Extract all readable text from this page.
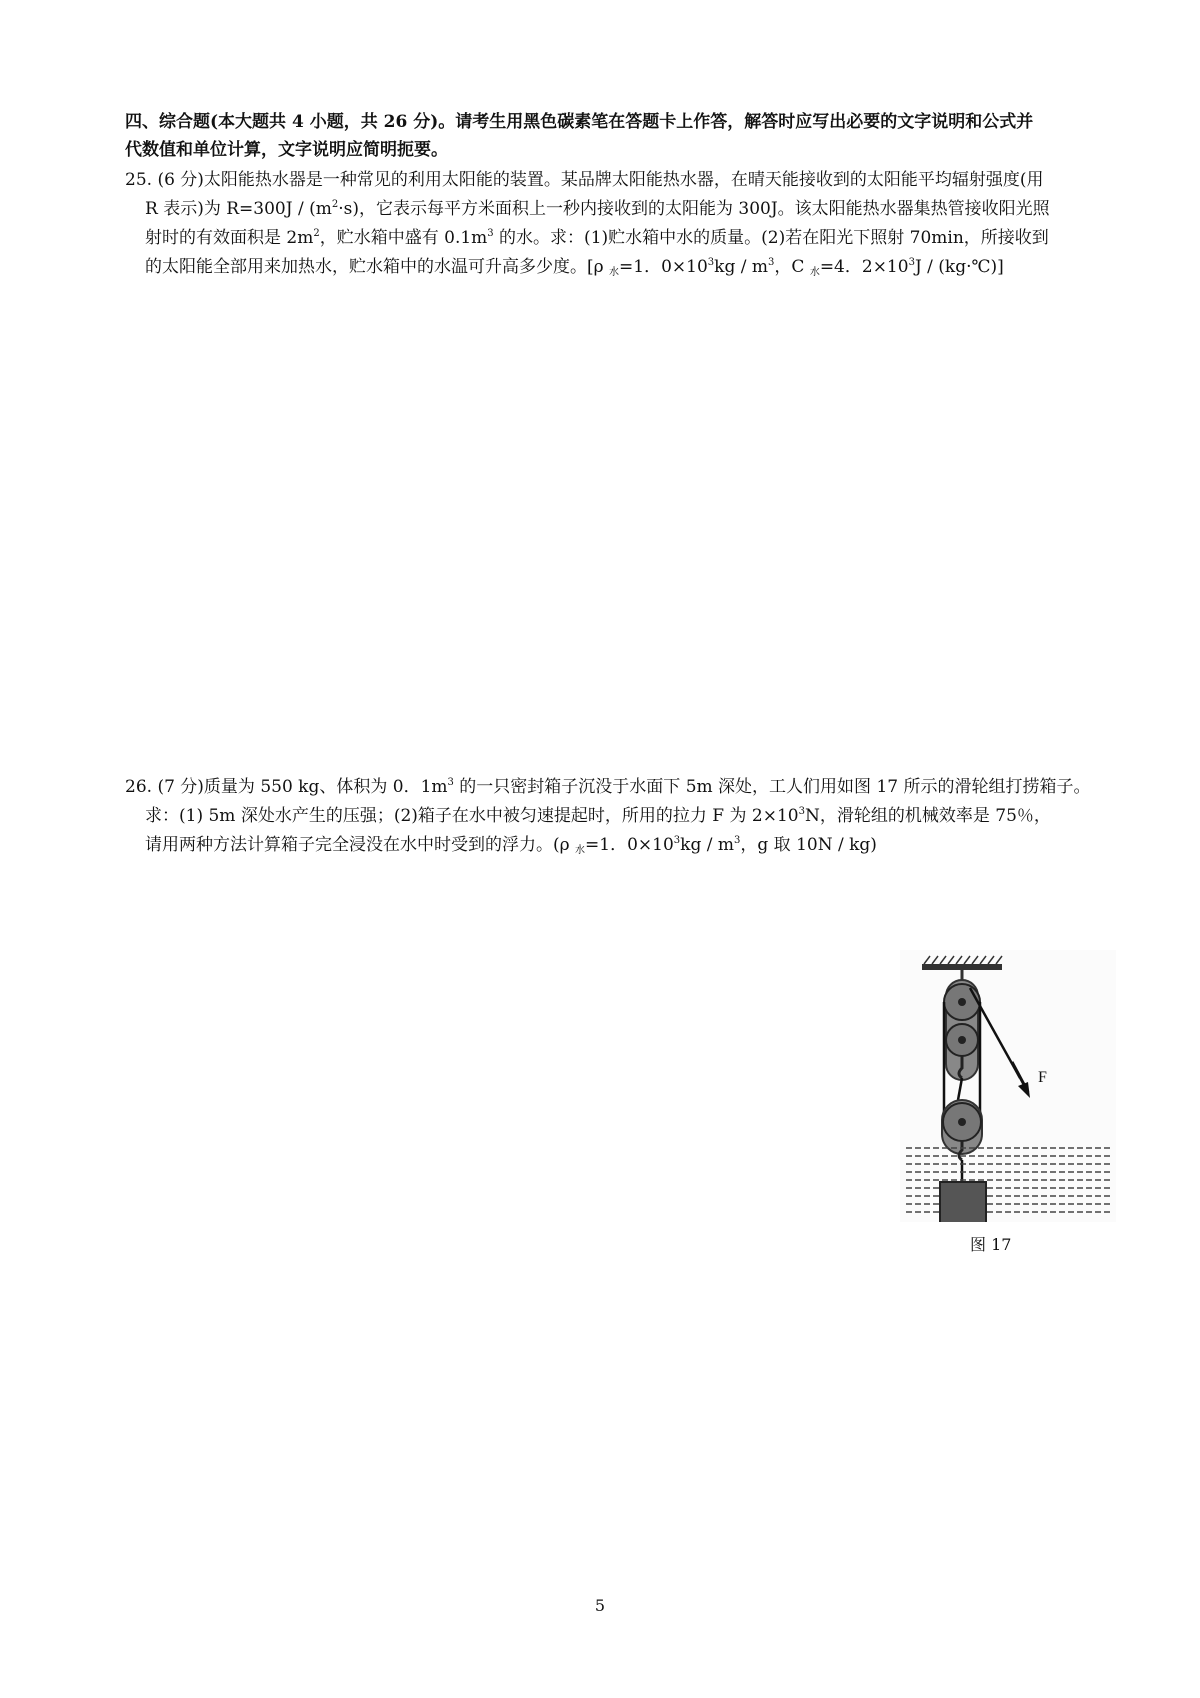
四、综合题(本大题共 4 小题，共 26 分)。请考生用黑色碳素笔在答题卡上作答，解答时应写出必要的文字说明和公式并
代数值和单位计算，文字说明应简明扼要。
25. (6 分)太阳能热水器是一种常见的利用太阳能的装置。某品牌太阳能热水器，在晴天能接收到的太阳能平均辐射强度(用
R 表示)为 $R=300J / (m^2\cdot s)$，它表示每平方米面积上一秒内接收到的太阳能为 300J。该太阳能热水器集热管接收阳光照
射时的有效面积是 $2m^2$，贮水箱中盛有 $0.1m^3$ 的水。求：(1)贮水箱中水的质量。(2)若在阳光下照射 70min，所接收到
的太阳能全部用来加热水，贮水箱中的水温可升高多少度。[ρ $_水$=1．$0\times 10^3kg / m^3$，C $_水$=4．$2\times 10^3J$ / (kg·℃)]
26. (7 分)质量为 550 kg、体积为 0．$1m^3$ 的一只密封箱子沉没于水面下 5m 深处，工人们用如图 17 所示的滑轮组打捞箱子。
求：(1) 5m 深处水产生的压强；(2)箱子在水中被匀速提起时，所用的拉力 F 为 $2\times 10^3N$，滑轮组的机械效率是 75％，
请用两种方法计算箱子完全浸没在水中时受到的浮力。(ρ $_水$=1．$0\times 10^3kg / m^3$，g 取 10N / kg)
F
图 17
5
